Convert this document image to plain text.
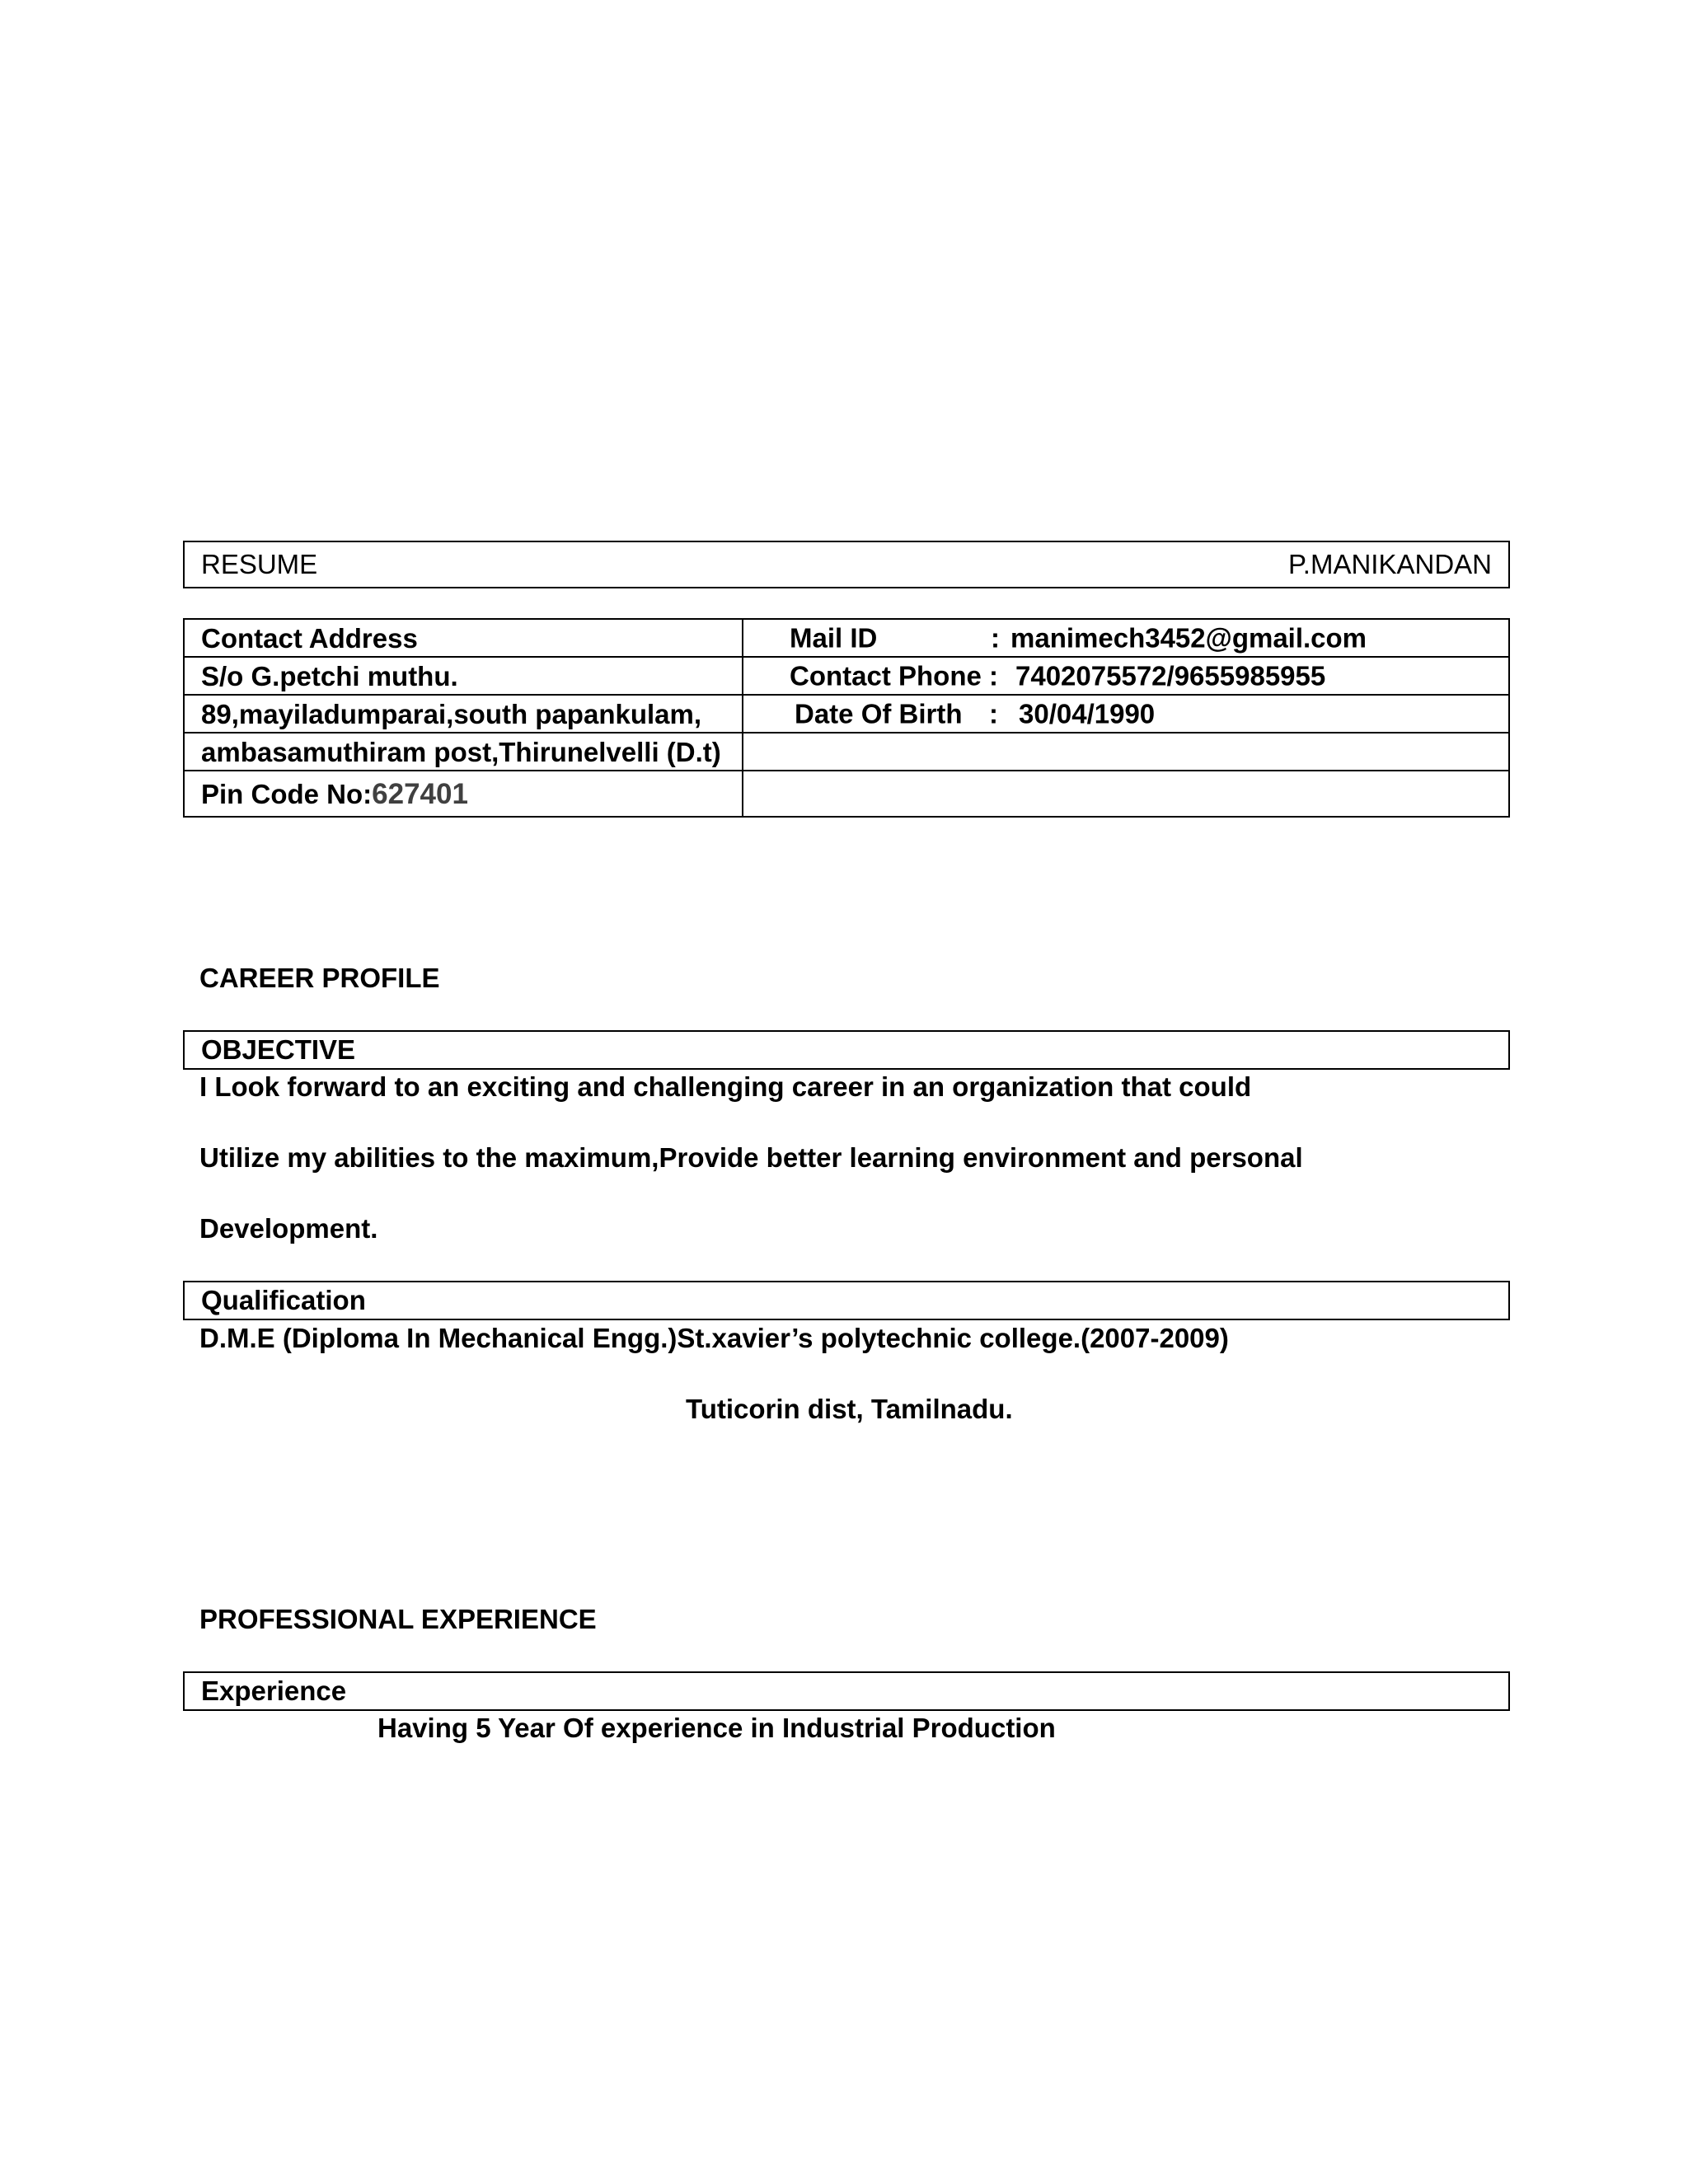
RESUME	P.MANIKANDAN
Contact Address	Mail ID : manimech3452@gmail.com

S/o G.petchi muthu.	Contact Phone : 7402075572/9655985955

89,mayiladumparai,south papankulam,	Date Of Birth : 30/04/1990

ambasamuthiram post,Thirunelvelli (D.t)	
Pin Code No:627401	
CAREER PROFILE
OBJECTIVE
I Look forward to an exciting and challenging career in an organization that could
Utilize my abilities to the maximum,Provide better learning environment and personal
Development.
Qualification
D.M.E (Diploma In Mechanical Engg.)St.xavier’s polytechnic college.(2007-2009)
Tuticorin dist, Tamilnadu.
PROFESSIONAL EXPERIENCE
Experience
Having 5 Year Of experience in Industrial Production
